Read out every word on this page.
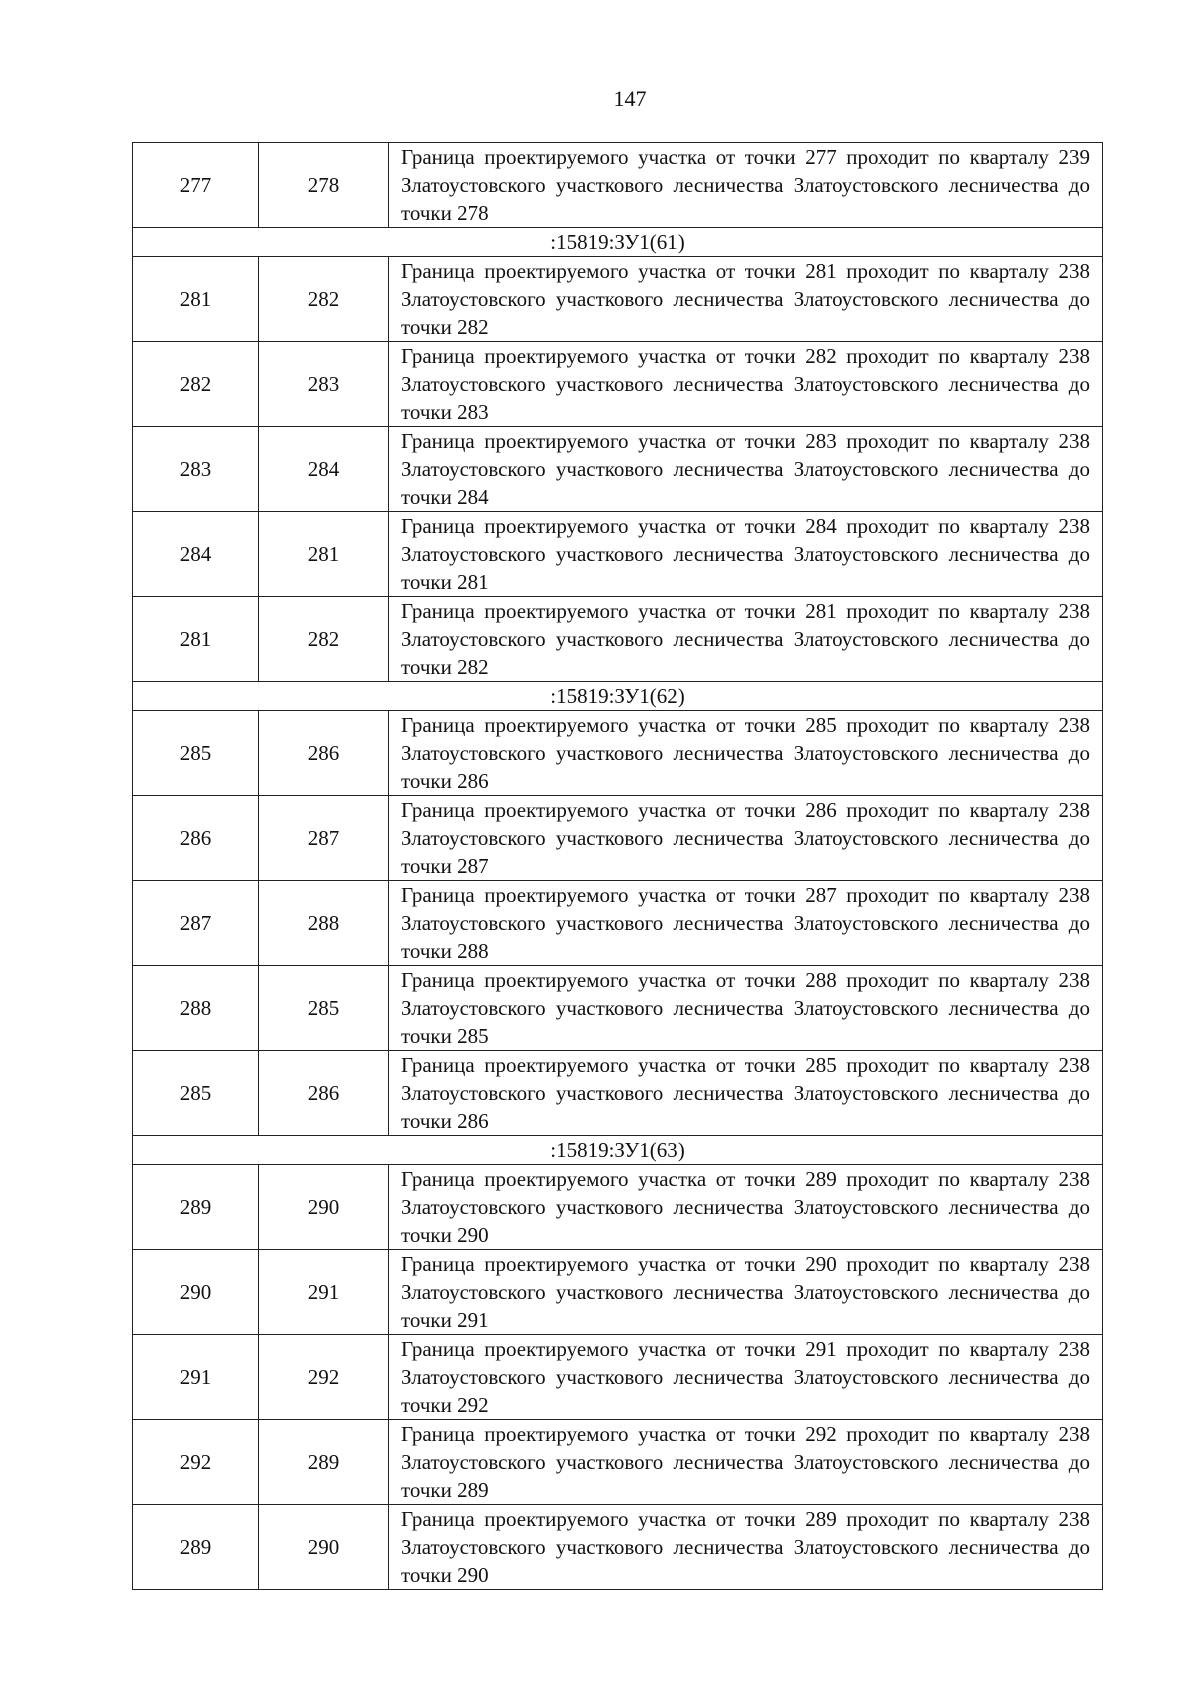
147
277	278	Граница проектируемого участка от точки 277 проходит по кварталу 239 Златоустовского участкового лесничества Златоустовского лесничества до точки 278
:15819:ЗУ1(61)		
281	282	Граница проектируемого участка от точки 281 проходит по кварталу 238 Златоустовского участкового лесничества Златоустовского лесничества до точки 282
282	283	Граница проектируемого участка от точки 282 проходит по кварталу 238 Златоустовского участкового лесничества Златоустовского лесничества до точки 283
283	284	Граница проектируемого участка от точки 283 проходит по кварталу 238 Златоустовского участкового лесничества Златоустовского лесничества до точки 284
284	281	Граница проектируемого участка от точки 284 проходит по кварталу 238 Златоустовского участкового лесничества Златоустовского лесничества до точки 281
281	282	Граница проектируемого участка от точки 281 проходит по кварталу 238 Златоустовского участкового лесничества Златоустовского лесничества до точки 282
:15819:ЗУ1(62)		
285	286	Граница проектируемого участка от точки 285 проходит по кварталу 238 Златоустовского участкового лесничества Златоустовского лесничества до точки 286
286	287	Граница проектируемого участка от точки 286 проходит по кварталу 238 Златоустовского участкового лесничества Златоустовского лесничества до точки 287
287	288	Граница проектируемого участка от точки 287 проходит по кварталу 238 Златоустовского участкового лесничества Златоустовского лесничества до точки 288
288	285	Граница проектируемого участка от точки 288 проходит по кварталу 238 Златоустовского участкового лесничества Златоустовского лесничества до точки 285
285	286	Граница проектируемого участка от точки 285 проходит по кварталу 238 Златоустовского участкового лесничества Златоустовского лесничества до точки 286
:15819:ЗУ1(63)		
289	290	Граница проектируемого участка от точки 289 проходит по кварталу 238 Златоустовского участкового лесничества Златоустовского лесничества до точки 290
290	291	Граница проектируемого участка от точки 290 проходит по кварталу 238 Златоустовского участкового лесничества Златоустовского лесничества до точки 291
291	292	Граница проектируемого участка от точки 291 проходит по кварталу 238 Златоустовского участкового лесничества Златоустовского лесничества до точки 292
292	289	Граница проектируемого участка от точки 292 проходит по кварталу 238 Златоустовского участкового лесничества Златоустовского лесничества до точки 289
289	290	Граница проектируемого участка от точки 289 проходит по кварталу 238 Златоустовского участкового лесничества Златоустовского лесничества до точки 290
